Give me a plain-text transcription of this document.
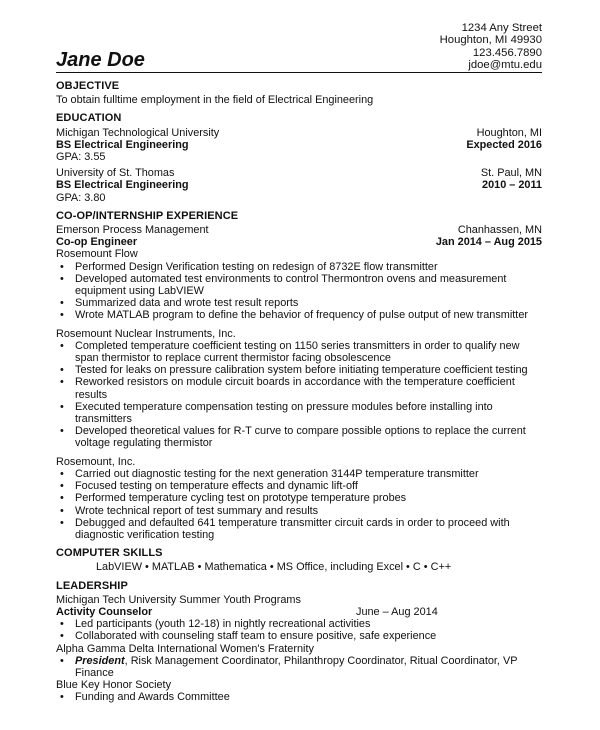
1234 Any Street
Houghton, MI 49930
123.456.7890
jdoe@mtu.edu
Jane Doe
OBJECTIVE
To obtain fulltime employment in the field of Electrical Engineering
EDUCATION
Michigan Technological University	Houghton, MI
BS Electrical Engineering	Expected 2016
GPA: 3.55
University of St. Thomas	St. Paul, MN
BS Electrical Engineering	2010 – 2011
GPA: 3.80
CO-OP/INTERNSHIP EXPERIENCE
Emerson Process Management	Chanhassen, MN
Co-op Engineer	Jan 2014 – Aug 2015
Rosemount Flow
• Performed Design Verification testing on redesign of 8732E flow transmitter
• Developed automated test environments to control Thermontron ovens and measurement equipment using LabVIEW
• Summarized data and wrote test result reports
• Wrote MATLAB program to define the behavior of frequency of pulse output of new transmitter
Rosemount Nuclear Instruments, Inc.
• Completed temperature coefficient testing on 1150 series transmitters in order to qualify new span thermistor to replace current thermistor facing obsolescence
• Tested for leaks on pressure calibration system before initiating temperature coefficient testing
• Reworked resistors on module circuit boards in accordance with the temperature coefficient results
• Executed temperature compensation testing on pressure modules before installing into transmitters
• Developed theoretical values for R-T curve to compare possible options to replace the current voltage regulating thermistor
Rosemount, Inc.
• Carried out diagnostic testing for the next generation 3144P temperature transmitter
• Focused testing on temperature effects and dynamic lift-off
• Performed temperature cycling test on prototype temperature probes
• Wrote technical report of test summary and results
• Debugged and defaulted 641 temperature transmitter circuit cards in order to proceed with diagnostic verification testing
COMPUTER SKILLS
LabVIEW • MATLAB • Mathematica • MS Office, including Excel • C • C++
LEADERSHIP
Michigan Tech University Summer Youth Programs
Activity Counselor	June – Aug 2014
• Led participants (youth 12-18) in nightly recreational activities
• Collaborated with counseling staff team to ensure positive, safe experience
Alpha Gamma Delta International Women's Fraternity
• President, Risk Management Coordinator, Philanthropy Coordinator, Ritual Coordinator, VP Finance
Blue Key Honor Society
• Funding and Awards Committee
